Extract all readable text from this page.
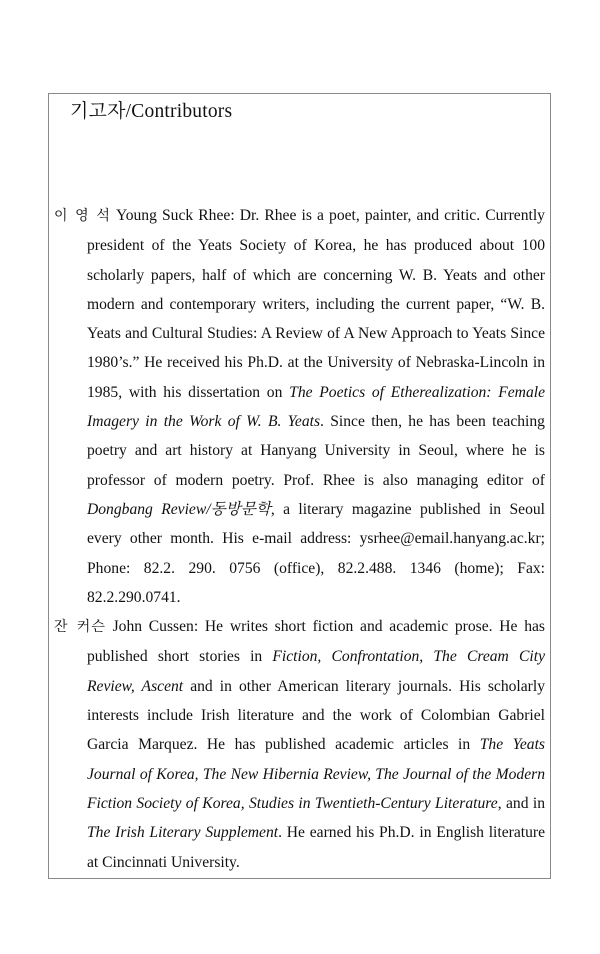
기고자/Contributors

이 영 석 Young Suck Rhee: Dr. Rhee is a poet, painter, and critic. Currently president of the Yeats Society of Korea, he has produced about 100 scholarly papers, half of which are concerning W. B. Yeats and other modern and contemporary writers, including the current paper, “W. B. Yeats and Cultural Studies: A Review of A New Approach to Yeats Since 1980’s.” He received his Ph.D. at the University of Nebraska-Lincoln in 1985, with his dissertation on The Poetics of Etherealization: Female Imagery in the Work of W. B. Yeats. Since then, he has been teaching poetry and art history at Hanyang University in Seoul, where he is professor of modern poetry. Prof. Rhee is also managing editor of Dongbang Review/동방문학, a literary magazine published in Seoul every other month. His e-mail address: ysrhee@email.hanyang.ac.kr; Phone: 82.2. 290. 0756 (office), 82.2.488. 1346 (home); Fax: 82.2.290.0741.

잔 커슨 John Cussen: He writes short fiction and academic prose. He has published short stories in Fiction, Confrontation, The Cream City Review, Ascent and in other American literary journals. His scholarly interests include Irish literature and the work of Colombian Gabriel Garcia Marquez. He has published academic articles in The Yeats Journal of Korea, The New Hibernia Review, The Journal of the Modern Fiction Society of Korea, Studies in Twentieth-Century Literature, and in The Irish Literary Supplement. He earned his Ph.D. in English literature at Cincinnati University.
